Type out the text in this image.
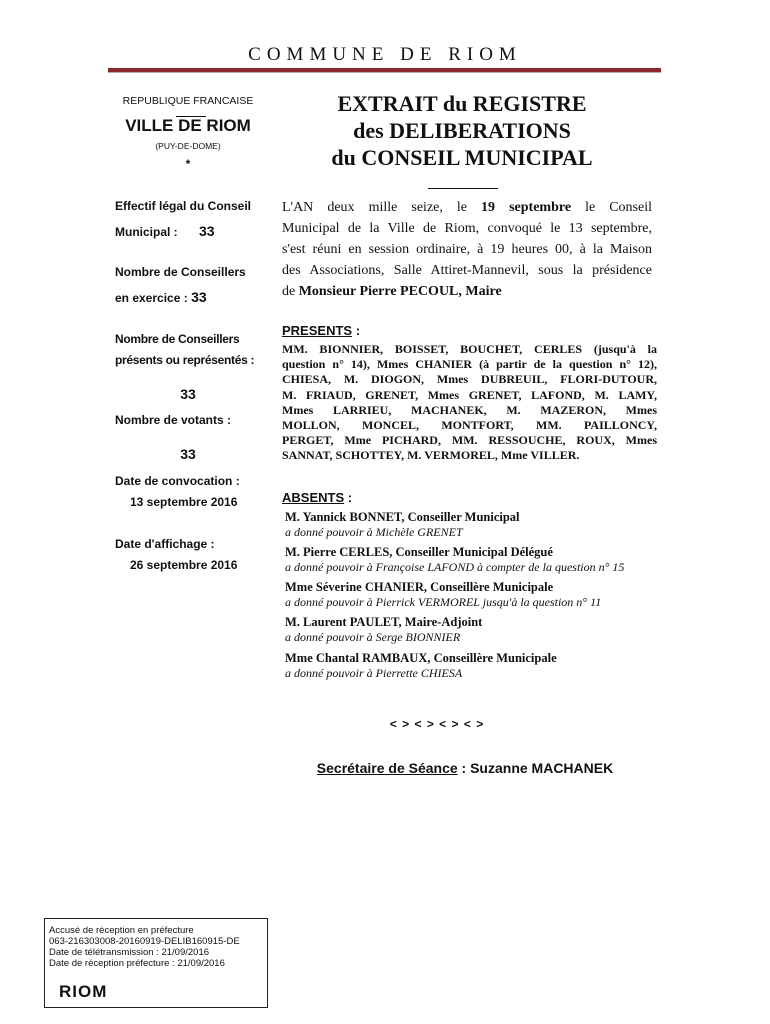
COMMUNE DE RIOM
REPUBLIQUE FRANCAISE
VILLE DE RIOM
(PUY-DE-DOME)
*
Effectif légal du Conseil
Municipal : 33
Nombre de Conseillers
en exercice : 33
Nombre de Conseillers
présents ou représentés :
33
Nombre de votants :
33
Date de convocation :
13 septembre 2016
Date d'affichage :
26 septembre 2016
EXTRAIT du REGISTRE
des DELIBERATIONS
du CONSEIL MUNICIPAL
L'AN deux mille seize, le 19 septembre le Conseil
Municipal de la Ville de Riom, convoqué le 13 septembre,
s'est réuni en session ordinaire, à 19 heures 00, à la Maison
des Associations, Salle Attiret-Mannevil, sous la présidence
de Monsieur Pierre PECOUL, Maire
PRESENTS :
MM. BIONNIER, BOISSET, BOUCHET, CERLES (jusqu'à la
question n° 14), Mmes CHANIER (à partir de la question n° 12),
CHIESA, M. DIOGON, Mmes DUBREUIL, FLORI-DUTOUR,
M. FRIAUD, GRENET, Mmes GRENET, LAFOND, M. LAMY,
Mmes LARRIEU, MACHANEK, M. MAZERON, Mmes
MOLLON, MONCEL, MONTFORT, MM. PAILLONCY,
PERGET, Mme PICHARD, MM. RESSOUCHE, ROUX, Mmes
SANNAT, SCHOTTEY, M. VERMOREL, Mme VILLER.
ABSENTS :
M. Yannick BONNET, Conseiller Municipal
a donné pouvoir à Michèle GRENET
M. Pierre CERLES, Conseiller Municipal Délégué
a donné pouvoir à Françoise LAFOND à compter de la question n° 15
Mme Séverine CHANIER, Conseillère Municipale
a donné pouvoir à Pierrick VERMOREL jusqu'à la question n° 11
M. Laurent PAULET, Maire-Adjoint
a donné pouvoir à Serge BIONNIER
Mme Chantal RAMBAUX, Conseillère Municipale
a donné pouvoir à Pierrette CHIESA
< > < > < > < >
Secrétaire de Séance : Suzanne MACHANEK
Accusé de réception en préfecture
063-216303008-20160919-DELIB160915-DE
Date de télétransmission : 21/09/2016
Date de réception préfecture : 21/09/2016
RIOM
